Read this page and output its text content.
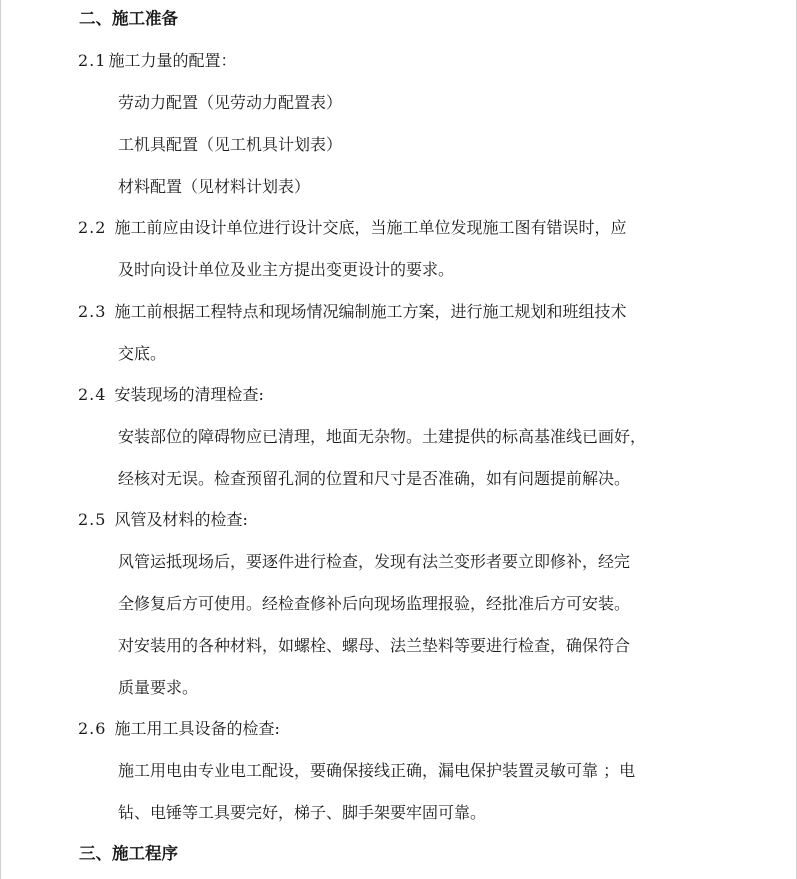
二、施工准备
2.1 施工力量的配置：
劳动力配置（见劳动力配置表）
工机具配置（见工机具计划表）
材料配置（见材料计划表）
2.2 施工前应由设计单位进行设计交底，当施工单位发现施工图有错误时，应
及时向设计单位及业主方提出变更设计的要求。
2.3 施工前根据工程特点和现场情况编制施工方案，进行施工规划和班组技术
交底。
2.4 安装现场的清理检查:
安装部位的障碍物应已清理，地面无杂物。土建提供的标高基准线已画好，
经核对无误。检查预留孔洞的位置和尺寸是否准确，如有问题提前解决。
2.5 风管及材料的检查:
风管运抵现场后，要逐件进行检查，发现有法兰变形者要立即修补，经完
全修复后方可使用。经检查修补后向现场监理报验，经批准后方可安装。
对安装用的各种材料，如螺栓、螺母、法兰垫料等要进行检查，确保符合
质量要求。
2.6 施工用工具设备的检查:
施工用电由专业电工配设，要确保接线正确，漏电保护装置灵敏可靠 ；电
钻、电锤等工具要完好，梯子、脚手架要牢固可靠。
三、施工程序
